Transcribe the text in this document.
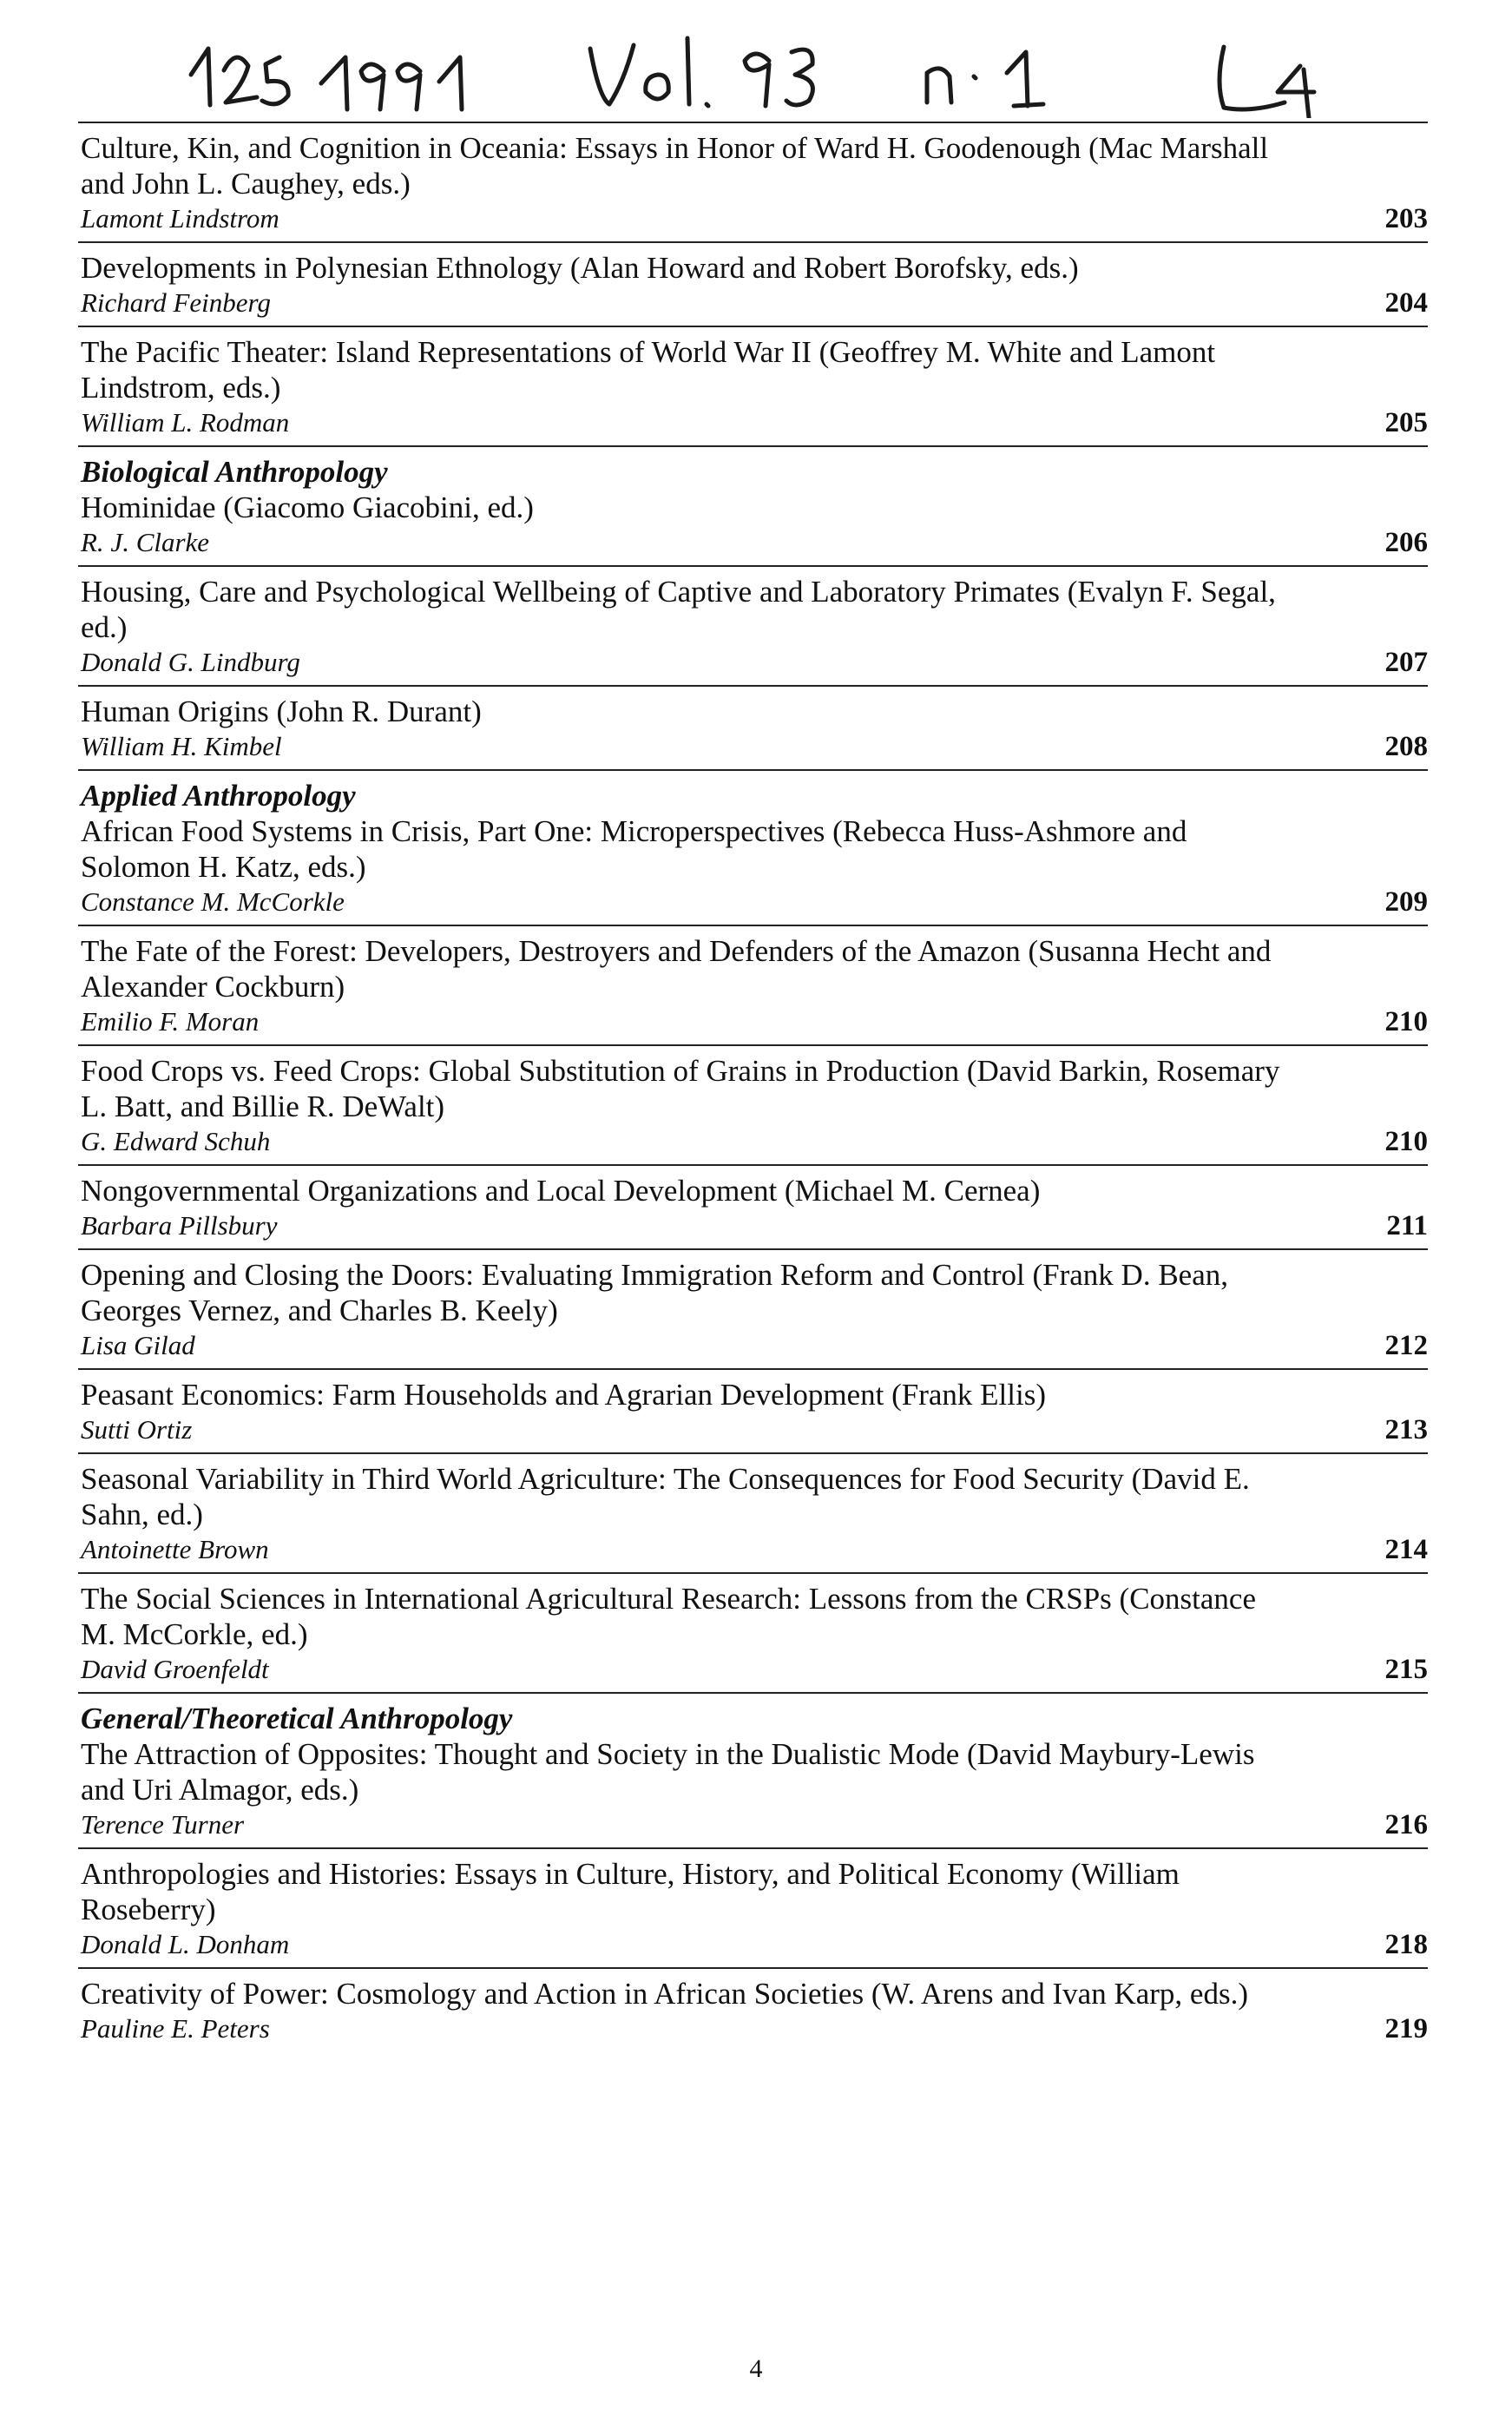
Culture, Kin, and Cognition in Oceania: Essays in Honor of Ward H. Goodenough (Mac Marshall and John L. Caughey, eds.)
Lamont Lindstrom	203
Developments in Polynesian Ethnology (Alan Howard and Robert Borofsky, eds.)
Richard Feinberg	204
The Pacific Theater: Island Representations of World War II (Geoffrey M. White and Lamont Lindstrom, eds.)
William L. Rodman	205
Biological Anthropology
Hominidae (Giacomo Giacobini, ed.)
R. J. Clarke	206
Housing, Care and Psychological Wellbeing of Captive and Laboratory Primates (Evalyn F. Segal, ed.)
Donald G. Lindburg	207
Human Origins (John R. Durant)
William H. Kimbel	208
Applied Anthropology
African Food Systems in Crisis, Part One: Microperspectives (Rebecca Huss-Ashmore and Solomon H. Katz, eds.)
Constance M. McCorkle	209
The Fate of the Forest: Developers, Destroyers and Defenders of the Amazon (Susanna Hecht and Alexander Cockburn)
Emilio F. Moran	210
Food Crops vs. Feed Crops: Global Substitution of Grains in Production (David Barkin, Rosemary L. Batt, and Billie R. DeWalt)
G. Edward Schuh	210
Nongovernmental Organizations and Local Development (Michael M. Cernea)
Barbara Pillsbury	211
Opening and Closing the Doors: Evaluating Immigration Reform and Control (Frank D. Bean, Georges Vernez, and Charles B. Keely)
Lisa Gilad	212
Peasant Economics: Farm Households and Agrarian Development (Frank Ellis)
Sutti Ortiz	213
Seasonal Variability in Third World Agriculture: The Consequences for Food Security (David E. Sahn, ed.)
Antoinette Brown	214
The Social Sciences in International Agricultural Research: Lessons from the CRSPs (Constance M. McCorkle, ed.)
David Groenfeldt	215
General/Theoretical Anthropology
The Attraction of Opposites: Thought and Society in the Dualistic Mode (David Maybury-Lewis and Uri Almagor, eds.)
Terence Turner	216
Anthropologies and Histories: Essays in Culture, History, and Political Economy (William Roseberry)
Donald L. Donham	218
Creativity of Power: Cosmology and Action in African Societies (W. Arens and Ivan Karp, eds.)
Pauline E. Peters	219
4
